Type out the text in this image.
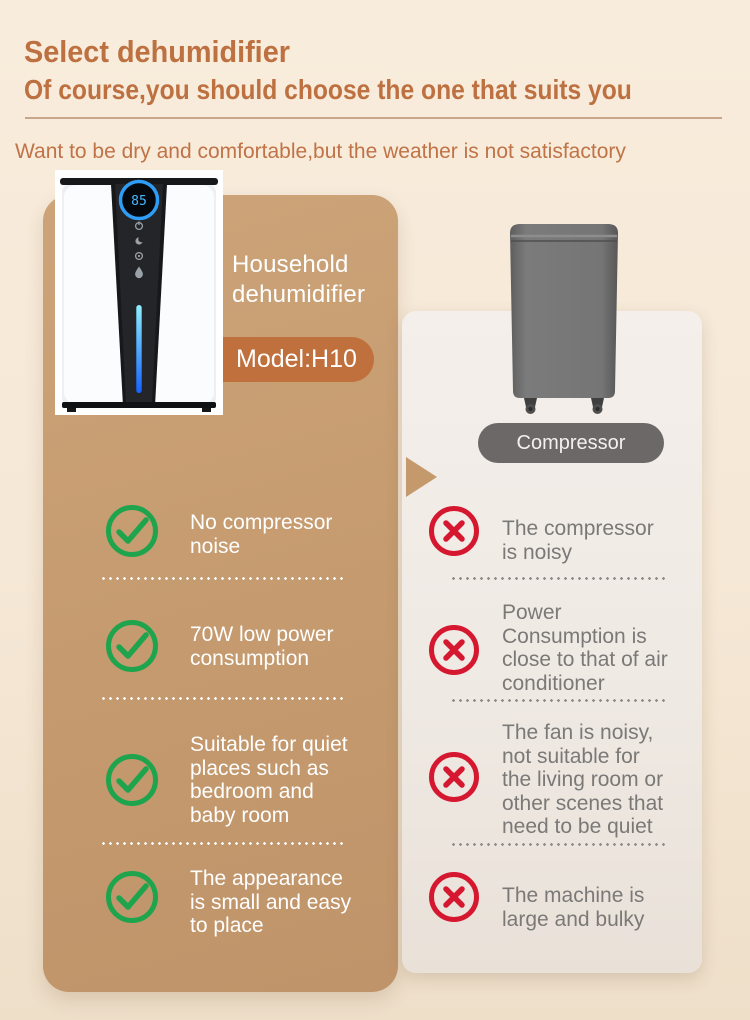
Select dehumidifier
Of course,you should choose the one that suits you
Want to be dry and comfortable,but the weather is not satisfactory
85
Household
dehumidifier
Model:H10
Compressor
No compressor
noise
70W low power
consumption
Suitable for quiet
places such as
bedroom and
baby room
The appearance
is small and easy
to place
The compressor
is noisy
Power
Consumption is
close to that of air
conditioner
The fan is noisy,
not suitable for
the living room or
other scenes that
need to be quiet
The machine is
large and bulky
